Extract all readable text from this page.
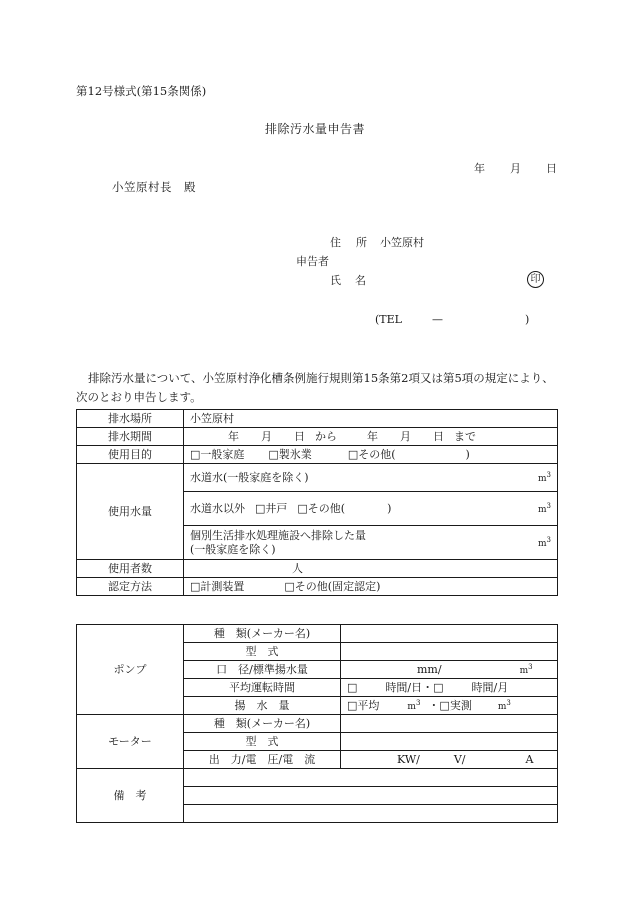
第12号様式(第15条関係)
排除汚水量申告書
年 月 日
小笠原村長　殿
住 所 小笠原村
申告者
氏 名	印
(TEL	—	)
排除汚水量について、小笠原村浄化槽条例施行規則第15条第2項又は第5項の規定により、次のとおり申告します。
排水場所	小笠原村
排水期間	年 月 日 から 年 月 日 まで
使用目的	□一般家庭 □製氷業 □その他( )
使用水量	水道水(一般家庭を除く) $m^3$

	水道水以外 □井戸 □その他( ) $m^3$

	個別生活排水処理施設へ排除した量
(一般家庭を除く) $m^3$

使用者数	人
認定方法	□計測装置 □その他(固定認定)
ポンプ	種　類(メーカー名)	
	型　式	
	口　径/標準揚水量	mm/ $m^3$
	平均運転時間	□ 時間/日・□ 時間/月
	揚　水　量	□平均 $m^3$ ・□実測 $m^3$
モーター	種　類(メーカー名)	
	型　式	
	出　力/電　圧/電　流	KW/ V/ A
備　考		
